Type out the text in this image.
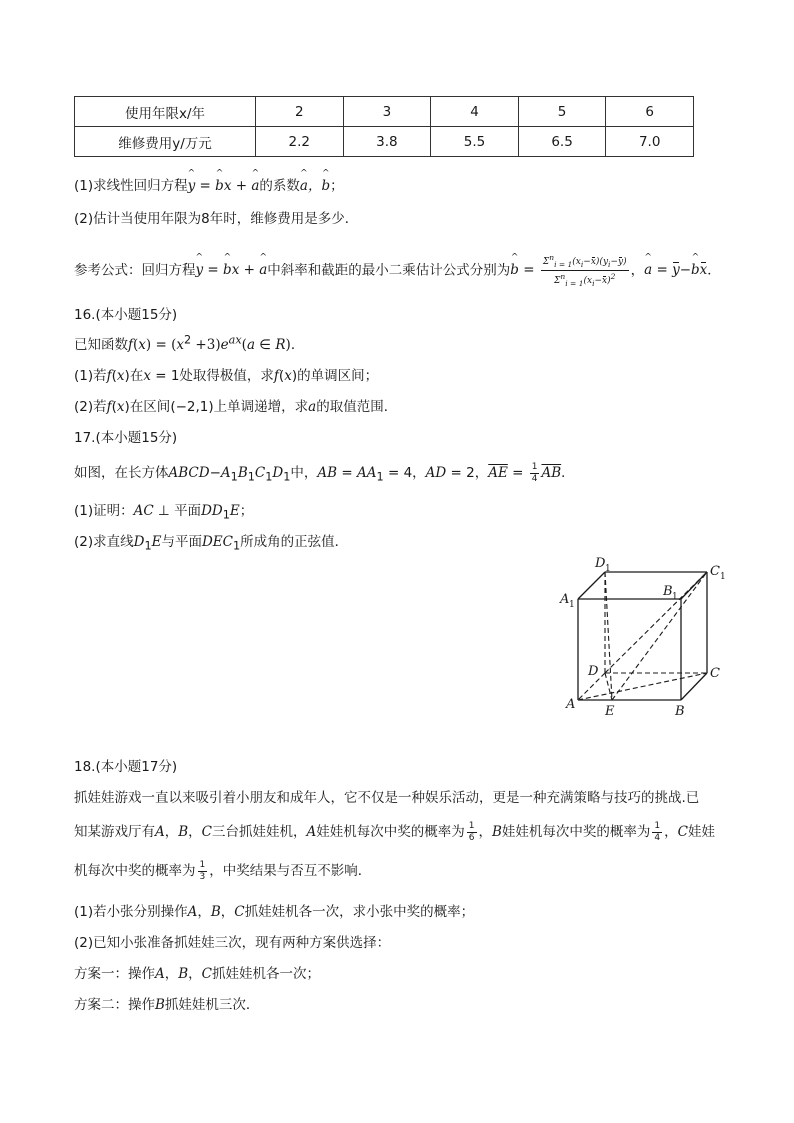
使用年限x/年	2	3	4	5	6
维修费用y/万元	2.2	3.8	5.5	6.5	7.0
(1)求线性回归方程^ y = ^ bx + ^ a的系数^ a，^ b；
(2)估计当使用年限为8年时，维修费用是多少．
参考公式：回归方程^ y = ^ bx + ^ a中斜率和截距的最小二乘估计公式分别为^ $b = \frac{\Sigma^n_{i = 1}(x_i-x)(y_i-y)}{\Sigma^n_{i = 1}(x_i-x)^2}$ ，^ a = y−^ bx．
16.(本小题15分)
已知函数$f(x) = (x^2 +3)e^{ax}(a$ ∈ R)．
(1)若f(x)在x = 1处取得极值，求f(x)的单调区间；
(2)若f(x)在区间(−2,1)上单调递增，求a的取值范围．
17.(本小题15分)
如图，在长方体$ABCD-A_1B_1C_1D_1$中，AB = $AA_1 = 4$，AD = 2，$\overline{AE} = \frac{1}{4} \overline{AB}$．
(1)证明：AC ⊥ 平面$DD_1E$；
(2)求直线$D_1E$与平面$DEC_1$所成角的正弦值．
D 1	C 1
A 1
B 1
D	C
A E	B
18.(本小题17分)
抓娃娃游戏一直以来吸引着小朋友和成年人，它不仅是一种娱乐活动，更是一种充满策略与技巧的挑战.已
知某游戏厅有A，B，C三台抓娃娃机，A娃娃机每次中奖的概率为 $\frac{1}{6}$ ，B娃娃机每次中奖的概率为 $\frac{1}{4}$ ，C娃娃
机每次中奖的概率为 $\frac{1}{3}$ ，中奖结果与否互不影响．
(1)若小张分别操作A，B，C抓娃娃机各一次，求小张中奖的概率；
(2)已知小张准备抓娃娃三次，现有两种方案供选择：
方案一：操作A，B，C抓娃娃机各一次；
方案二：操作B抓娃娃机三次．
